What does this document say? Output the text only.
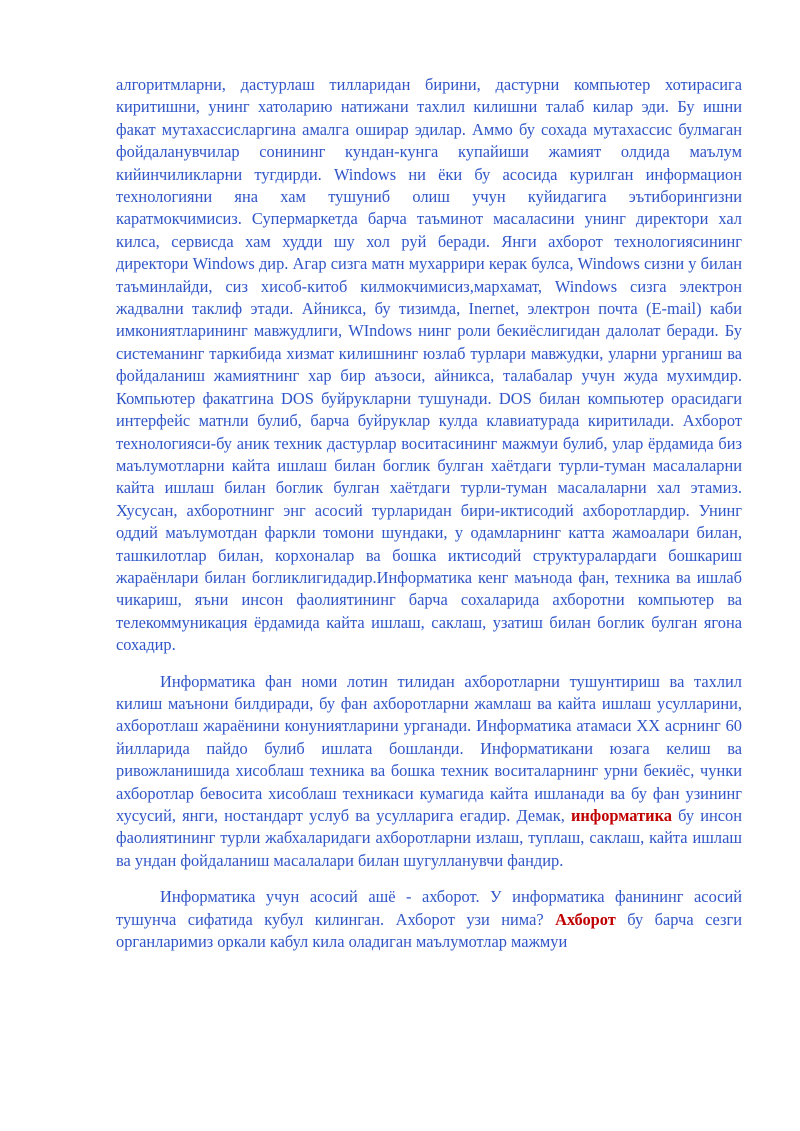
алгоритмларни, дастурлаш тилларидан бирини, дастурни компьютер хотирасига киритишни, унинг хатоларию натижани тахлил килишни талаб килар эди. Бу ишни факат мутахассисларгина амалга оширар эдилар. Аммо бу сохада мутахассис булмаган фойдаланувчилар сонининг кундан-кунга купайиши жамият олдида маълум кийинчиликларни тугдирди. Windows ни ёки бу асосида курилган информацион технологияни яна хам тушуниб олиш учун куйидагига эътиборингизни каратмокчимисиз. Супермаркетда барча таъминот масаласини унинг директори хал килса, сервисда хам худди шу хол руй беради. Янги ахборот технологиясининг директори Windows дир. Агар сизга матн мухаррири керак булса, Windows сизни у билан таъминлайди, сиз хисоб-китоб килмокчимисиз,мархамат, Windows сизга электрон жадвални таклиф этади. Айникса, бу тизимда, Inernet, электрон почта (E-mail) каби имкониятларининг мавжудлиги, WIndows нинг роли бекиёслигидан далолат беради. Бу системанинг таркибида хизмат килишнинг юзлаб турлари мавжудки, уларни урганиш ва фойдаланиш жамиятнинг хар бир аъзоси, айникса, талабалар учун жуда мухимдир. Компьютер факатгина DOS буйрукларни тушунади. DOS билан компьютер орасидаги интерфейс матнли булиб, барча буйруклар кулда клавиатурада киритилади. Ахборот технологияси-бу аник техник дастурлар воситасининг мажмуи булиб, улар ёрдамида биз маълумотларни кайта ишлаш билан боглик булган хаётдаги турли-туман масалаларни кайта ишлаш билан боглик булган хаётдаги турли-туман масалаларни хал этамиз. Хусусан, ахборотнинг энг асосий турларидан бири-иктисодий ахборотлардир. Унинг оддий маълумотдан фаркли томони шундаки, у одамларнинг катта жамоалари билан, ташкилотлар билан, корхоналар ва бошка иктисодий структуралардаги бошкариш жараёнлари билан богликлигидадир.Информатика кенг маънода фан, техника ва ишлаб чикариш, яъни инсон фаолиятининг барча сохаларида ахборотни компьютер ва телекоммуникация ёрдамида кайта ишлаш, саклаш, узатиш билан боглик булган ягона сохадир.

Информатика фан номи лотин тилидан ахборотларни тушунтириш ва тахлил килиш маънони билдиради, бу фан ахборотларни жамлаш ва кайта ишлаш усулларини, ахборотлаш жараёнини конуниятларини урганади. Информатика атамаси XX асрнинг 60 йилларида пайдо булиб ишлата бошланди. Информатикани юзага келиш ва ривожланишида хисоблаш техника ва бошка техник воситаларнинг урни бекиёс, чунки ахборотлар бевосита хисоблаш техникаси кумагида кайта ишланади ва бу фан узининг хусусий, янги, ностандарт услуб ва усулларига егадир. Демак, информатика бу инсон фаолиятининг турли жабхаларидаги ахборотларни излаш, туплаш, саклаш, кайта ишлаш ва ундан фойдаланиш масалалари билан шугулланувчи фандир.

Информатика учун асосий ашё - ахборот. У информатика фанининг асосий тушунча сифатида кубул килинган. Ахборот узи нима? Ахборот бу барча сезги органларимиз оркали кабул кила оладиган маълумотлар мажмуи
